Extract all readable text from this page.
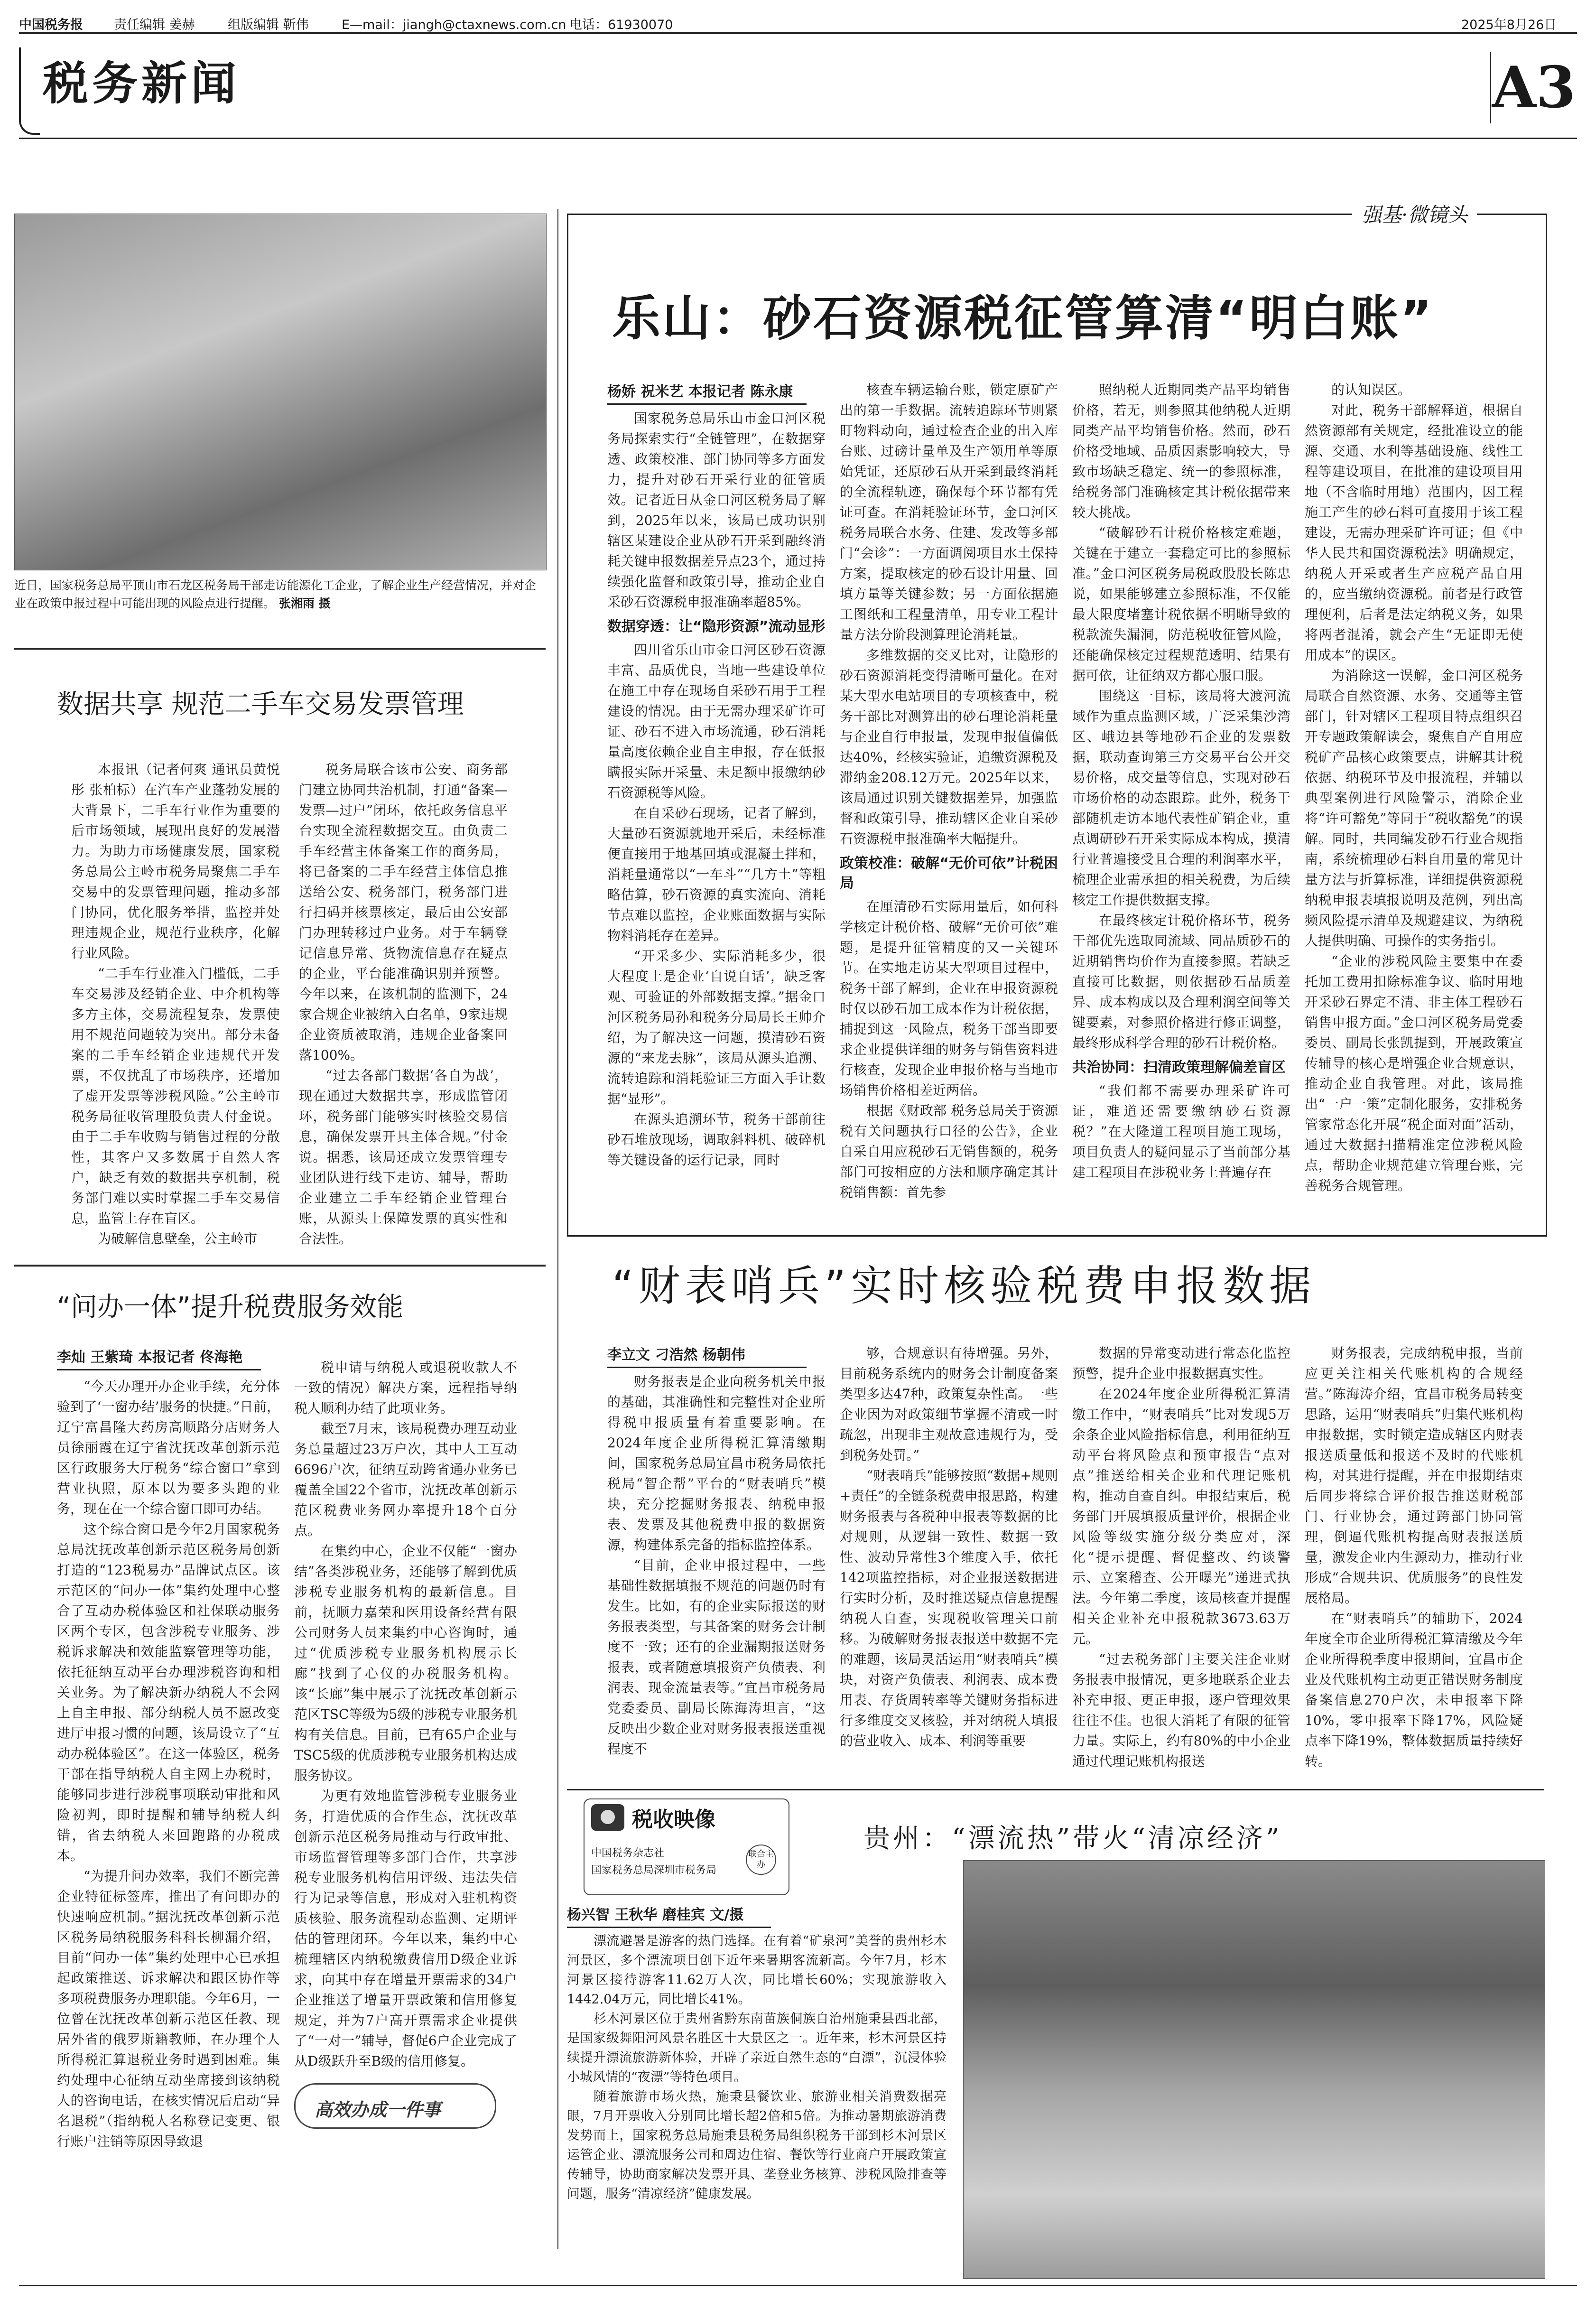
中国税务报 责任编辑 姜赫	组版编辑 靳伟	E—mail：jiangh@ctaxnews.com.cn 电话：61930070	2025年8月26日
税务新闻	A3
近日，国家税务总局平顶山市石龙区税务局干部走访能源化工企业，了解企业生产经营情况，并对企业在政策申报过程中可能出现的风险点进行提醒。 张湘雨 摄
数据共享 规范二手车交易发票管理

本报讯（记者何爽 通讯员黄悦彤 张柏标）在汽车产业蓬勃发展的大背景下，二手车行业作为重要的后市场领域，展现出良好的发展潜力。为助力市场健康发展，国家税务总局公主岭市税务局聚焦二手车交易中的发票管理问题，推动多部门协同，优化服务举措，监控并处理违规企业，规范行业秩序，化解行业风险。

“二手车行业准入门槛低，二手车交易涉及经销企业、中介机构等多方主体，交易流程复杂，发票使用不规范问题较为突出。部分未备案的二手车经销企业违规代开发票，不仅扰乱了市场秩序，还增加了虚开发票等涉税风险。”公主岭市税务局征收管理股负责人付金说。由于二手车收购与销售过程的分散性，其客户又多数属于自然人客户，缺乏有效的数据共享机制，税务部门难以实时掌握二手车交易信息，监管上存在盲区。

为破解信息壁垒，公主岭市

税务局联合该市公安、商务部门建立协同共治机制，打通“备案—发票—过户”闭环，依托政务信息平台实现全流程数据交互。由负责二手车经营主体备案工作的商务局，将已备案的二手车经营主体信息推送给公安、税务部门，税务部门进行扫码并核票核定，最后由公安部门办理转移过户业务。对于车辆登记信息异常、货物流信息存在疑点的企业，平台能准确识别并预警。今年以来，在该机制的监测下，24家合规企业被纳入白名单，9家违规企业资质被取消，违规企业备案回落100%。

“过去各部门数据‘各自为战’，现在通过大数据共享，形成监管闭环，税务部门能够实时核验交易信息，确保发票开具主体合规。”付金说。据悉，该局还成立发票管理专业团队进行线下走访、辅导，帮助企业建立二手车经销企业管理台账，从源头上保障发票的真实性和合法性。

“问办一体”提升税费服务效能
李灿 王紫琦 本报记者 佟海艳

“今天办理开办企业手续，充分体验到了‘一窗办结’服务的快捷。”日前，辽宁富昌隆大药房高顺路分店财务人员徐丽霞在辽宁省沈抚改革创新示范区行政服务大厅税务“综合窗口”拿到营业执照，原本以为要多头跑的业务，现在在一个综合窗口即可办结。

这个综合窗口是今年2月国家税务总局沈抚改革创新示范区税务局创新打造的“123税易办”品牌试点区。该示范区的“问办一体”集约处理中心整合了互动办税体验区和社保联动服务区两个专区，包含涉税专业服务、涉税诉求解决和效能监察管理等功能，依托征纳互动平台办理涉税咨询和相关业务。为了解决新办纳税人不会网上自主申报、部分纳税人员不愿改变进厅申报习惯的问题，该局设立了“互动办税体验区”。在这一体验区，税务干部在指导纳税人自主网上办税时，能够同步进行涉税事项联动审批和风险初判，即时提醒和辅导纳税人纠错，省去纳税人来回跑路的办税成本。

“为提升问办效率，我们不断完善企业特征标签库，推出了有问即办的快速响应机制。”据沈抚改革创新示范区税务局纳税服务科科长柳漏介绍，目前“问办一体”集约处理中心已承担起政策推送、诉求解决和跟区协作等多项税费服务办理职能。今年6月，一位曾在沈抚改革创新示范区任教、现居外省的俄罗斯籍教师，在办理个人所得税汇算退税业务时遇到困难。集约处理中心征纳互动坐席接到该纳税人的咨询电话，在核实情况后启动“异名退税”（指纳税人名称登记变更、银行账户注销等原因导致退

税申请与纳税人或退税收款人不一致的情况）解决方案，远程指导纳税人顺利办结了此项业务。

截至7月末，该局税费办理互动业务总量超过23万户次，其中人工互动6696户次，征纳互动跨省通办业务已覆盖全国22个省市，沈抚改革创新示范区税费业务网办率提升18个百分点。

在集约中心，企业不仅能“一窗办结”各类涉税业务，还能够了解到优质涉税专业服务机构的最新信息。目前，抚顺力嘉荣和医用设备经营有限公司财务人员来集约中心咨询时，通过“优质涉税专业服务机构展示长廊”找到了心仪的办税服务机构。该“长廊”集中展示了沈抚改革创新示范区TSC等级为5级的涉税专业服务机构有关信息。目前，已有65户企业与TSC5级的优质涉税专业服务机构达成服务协议。

为更有效地监管涉税专业服务业务，打造优质的合作生态，沈抚改革创新示范区税务局推动与行政审批、市场监督管理等多部门合作，共享涉税专业服务机构信用评级、违法失信行为记录等信息，形成对入驻机构资质核验、服务流程动态监测、定期评估的管理闭环。今年以来，集约中心梳理辖区内纳税缴费信用D级企业诉求，向其中存在增量开票需求的34户企业推送了增量开票政策和信用修复规定，并为7户高开票需求企业提供了“一对一”辅导，督促6户企业完成了从D级跃升至B级的信用修复。

高效办成一件事
强基·微镜头
乐山：砂石资源税征管算清“明白账”
杨娇 祝米艺 本报记者 陈永康

国家税务总局乐山市金口河区税务局探索实行“全链管理”，在数据穿透、政策校准、部门协同等多方面发力，提升对砂石开采行业的征管质效。记者近日从金口河区税务局了解到，2025年以来，该局已成功识别辖区某建设企业从砂石开采到融终消耗关键申报数据差异点23个，通过持续强化监督和政策引导，推动企业自采砂石资源税申报准确率超85%。

数据穿透：让“隐形资源”流动显形

四川省乐山市金口河区砂石资源丰富、品质优良，当地一些建设单位在施工中存在现场自采砂石用于工程建设的情况。由于无需办理采矿许可证、砂石不进入市场流通，砂石消耗量高度依赖企业自主申报，存在低报瞒报实际开采量、未足额申报缴纳砂石资源税等风险。

在自采砂石现场，记者了解到，大量砂石资源就地开采后，未经标准便直接用于地基回填或混凝土拌和，消耗量通常以“一车斗”“几方土”等粗略估算，砂石资源的真实流向、消耗节点难以监控，企业账面数据与实际物料消耗存在差异。

“开采多少、实际消耗多少，很大程度上是企业‘自说自话’，缺乏客观、可验证的外部数据支撑。”据金口河区税务局孙和税务分局局长王帅介绍，为了解决这一问题，摸清砂石资源的“来龙去脉”，该局从源头追溯、流转追踪和消耗验证三方面入手让数据“显形”。

在源头追溯环节，税务干部前往砂石堆放现场，调取斜料机、破碎机等关键设备的运行记录，同时

核查车辆运输台账，锁定原矿产出的第一手数据。流转追踪环节则紧盯物料动向，通过检查企业的出入库台账、过磅计量单及生产领用单等原始凭证，还原砂石从开采到最终消耗的全流程轨迹，确保每个环节都有凭证可查。在消耗验证环节，金口河区税务局联合水务、住建、发改等多部门“会诊”：一方面调阅项目水土保持方案，提取核定的砂石设计用量、回填方量等关键参数；另一方面依据施工图纸和工程量清单，用专业工程计量方法分阶段测算理论消耗量。

多维数据的交叉比对，让隐形的砂石资源消耗变得清晰可量化。在对某大型水电站项目的专项核查中，税务干部比对测算出的砂石理论消耗量与企业自行申报量，发现申报值偏低达40%，经核实验证，追缴资源税及滞纳金208.12万元。2025年以来，该局通过识别关键数据差异，加强监督和政策引导，推动辖区企业自采砂石资源税申报准确率大幅提升。

政策校准：破解“无价可依”计税困局

在厘清砂石实际用量后，如何科学核定计税价格、破解“无价可依”难题，是提升征管精度的又一关键环节。在实地走访某大型项目过程中，税务干部了解到，企业在申报资源税时仅以砂石加工成本作为计税依据，捕捉到这一风险点，税务干部当即要求企业提供详细的财务与销售资料进行核查，发现企业申报价格与当地市场销售价格相差近两倍。

根据《财政部 税务总局关于资源税有关问题执行口径的公告》，企业自采自用应税砂石无销售额的，税务部门可按相应的方法和顺序确定其计税销售额：首先参

照纳税人近期同类产品平均销售价格，若无，则参照其他纳税人近期同类产品平均销售价格。然而，砂石价格受地域、品质因素影响较大，导致市场缺乏稳定、统一的参照标准，给税务部门准确核定其计税依据带来较大挑战。

“破解砂石计税价格核定难题，关键在于建立一套稳定可比的参照标准。”金口河区税务局税政股股长陈忠说，如果能够建立参照标准，不仅能最大限度堵塞计税依据不明晰导致的税款流失漏洞，防范税收征管风险，还能确保核定过程规范透明、结果有据可依，让征纳双方都心服口服。

围绕这一目标，该局将大渡河流域作为重点监测区域，广泛采集沙湾区、峨边县等地砂石企业的发票数据，联动查询第三方交易平台公开交易价格，成交量等信息，实现对砂石市场价格的动态跟踪。此外，税务干部随机走访本地代表性矿销企业，重点调研砂石开采实际成本构成，摸清行业普遍接受且合理的利润率水平，梳理企业需承担的相关税费，为后续核定工作提供数据支撑。

在最终核定计税价格环节，税务干部优先选取同流域、同品质砂石的近期销售均价作为直接参照。若缺乏直接可比数据，则依据砂石品质差异、成本构成以及合理利润空间等关键要素，对参照价格进行修正调整，最终形成科学合理的砂石计税价格。

共治协同：扫清政策理解偏差盲区

“我们都不需要办理采矿许可证，难道还需要缴纳砂石资源税？”在大隆道工程项目施工现场，项目负责人的疑问显示了当前部分基建工程项目在涉税业务上普遍存在

的认知误区。

对此，税务干部解释道，根据自然资源部有关规定，经批准设立的能源、交通、水利等基础设施、线性工程等建设项目，在批准的建设项目用地（不含临时用地）范围内，因工程施工产生的砂石料可直接用于该工程建设，无需办理采矿许可证；但《中华人民共和国资源税法》明确规定，纳税人开采或者生产应税产品自用的，应当缴纳资源税。前者是行政管理便利，后者是法定纳税义务，如果将两者混淆，就会产生“无证即无使用成本”的误区。

为消除这一误解，金口河区税务局联合自然资源、水务、交通等主管部门，针对辖区工程项目特点组织召开专题政策解读会，聚焦自产自用应税矿产品核心政策要点，讲解其计税依据、纳税环节及申报流程，并辅以典型案例进行风险警示，消除企业将“许可豁免”等同于“税收豁免”的误解。同时，共同编发砂石行业合规指南，系统梳理砂石料自用量的常见计量方法与折算标准，详细提供资源税纳税申报表填报说明及范例，列出高频风险提示清单及规避建议，为纳税人提供明确、可操作的实务指引。

“企业的涉税风险主要集中在委托加工费用扣除标准争议、临时用地开采砂石界定不清、非主体工程砂石销售申报方面。”金口河区税务局党委委员、副局长张凯提到，开展政策宣传辅导的核心是增强企业合规意识，推动企业自我管理。对此，该局推出“一户一策”定制化服务，安排税务管家常态化开展“税企面对面”活动，通过大数据扫描精准定位涉税风险点，帮助企业规范建立管理台账，完善税务合规管理。

“财表哨兵”实时核验税费申报数据
李立文 刁浩然 杨朝伟

财务报表是企业向税务机关申报的基础，其准确性和完整性对企业所得税申报质量有着重要影响。在2024年度企业所得税汇算清缴期间，国家税务总局宜昌市税务局依托税局“智企帮”平台的“财表哨兵”模块，充分挖掘财务报表、纳税申报表、发票及其他税费申报的数据资源，构建体系完备的指标监控体系。

“目前，企业申报过程中，一些基础性数据填报不规范的问题仍时有发生。比如，有的企业实际报送的财务报表类型，与其备案的财务会计制度不一致；还有的企业漏期报送财务报表，或者随意填报资产负债表、利润表、现金流量表等。”宜昌市税务局党委委员、副局长陈海涛坦言，“这反映出少数企业对财务报表报送重视程度不

够，合规意识有待增强。另外，目前税务系统内的财务会计制度备案类型多达47种，政策复杂性高。一些企业因为对政策细节掌握不清或一时疏忽，出现非主观故意违规行为，受到税务处罚。”

“财表哨兵”能够按照“数据+规则+责任”的全链条税费申报思路，构建财务报表与各税种申报表等数据的比对规则，从逻辑一致性、数据一致性、波动异常性3个维度入手，依托142项监控指标，对企业报送数据进行实时分析，及时推送疑点信息提醒纳税人自查，实现税收管理关口前移。为破解财务报表报送中数据不完的难题，该局灵活运用“财表哨兵”模块，对资产负债表、利润表、成本费用表、存货周转率等关键财务指标进行多维度交叉核验，并对纳税人填报的营业收入、成本、利润等重要

数据的异常变动进行常态化监控预警，提升企业申报数据真实性。

在2024年度企业所得税汇算清缴工作中，“财表哨兵”比对发现5万余条企业风险指标信息，利用征纳互动平台将风险点和预审报告“点对点”推送给相关企业和代理记账机构，推动自查自纠。申报结束后，税务部门开展填报质量评价，根据企业风险等级实施分级分类应对，深化“提示提醒、督促整改、约谈警示、立案稽查、公开曝光”递进式执法。今年第二季度，该局核查并提醒相关企业补充申报税款3673.63万元。

“过去税务部门主要关注企业财务报表申报情况，更多地联系企业去补充申报、更正申报，逐户管理效果往往不佳。也很大消耗了有限的征管力量。实际上，约有80%的中小企业通过代理记账机构报送

财务报表，完成纳税申报，当前应更关注相关代账机构的合规经营。”陈海涛介绍，宜昌市税务局转变思路，运用“财表哨兵”归集代账机构申报数据，实时锁定造成辖区内财表报送质量低和报送不及时的代账机构，对其进行提醒，并在申报期结束后同步将综合评价报告推送财税部门、行业协会，通过跨部门协同管理，倒逼代账机构提高财表报送质量，激发企业内生源动力，推动行业形成“合规共识、优质服务”的良性发展格局。

在“财表哨兵”的辅助下，2024年度全市企业所得税汇算清缴及今年企业所得税季度申报期间，宜昌市企业及代账机构主动更正错误财务制度备案信息270户次，未申报率下降10%，零申报率下降17%，风险疑点率下降19%，整体数据质量持续好转。

税收映像
中国税务杂志社
国家税务总局深圳市税务局
联合主办
贵州：“漂流热”带火“清凉经济”
杨兴智 王秋华 磨桂宾 文/摄

漂流避暑是游客的热门选择。在有着“矿泉河”美誉的贵州杉木河景区，多个漂流项目创下近年来暑期客流新高。今年7月，杉木河景区接待游客11.62万人次，同比增长60%；实现旅游收入1442.04万元，同比增长41%。

杉木河景区位于贵州省黔东南苗族侗族自治州施秉县西北部，是国家级舞阳河风景名胜区十大景区之一。近年来，杉木河景区持续提升漂流旅游新体验，开辟了亲近自然生态的“白漂”，沉浸体验小城风情的“夜漂”等特色项目。

随着旅游市场火热，施秉县餐饮业、旅游业相关消费数据亮眼，7月开票收入分别同比增长超2倍和5倍。为推动暑期旅游消费发势而上，国家税务总局施秉县税务局组织税务干部到杉木河景区运管企业、漂流服务公司和周边住宿、餐饮等行业商户开展政策宣传辅导，协助商家解决发票开具、垄登业务核算、涉税风险排查等问题，服务“清凉经济”健康发展。
